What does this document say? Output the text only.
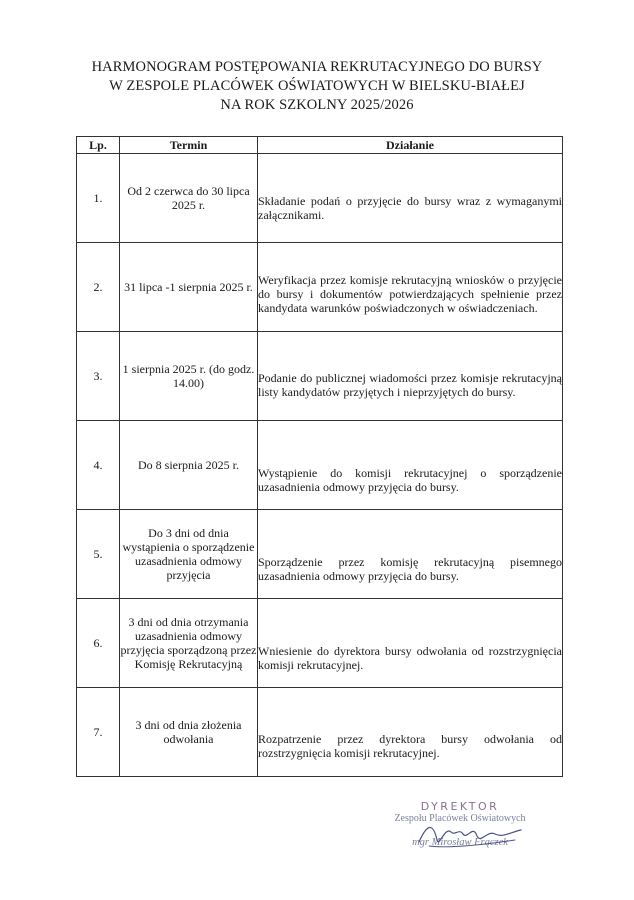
HARMONOGRAM POSTĘPOWANIA REKRUTACYJNEGO DO BURSY
W ZESPOLE PLACÓWEK OŚWIATOWYCH W BIELSKU-BIAŁEJ
NA ROK SZKOLNY 2025/2026
Lp.	Termin	Działanie
1.	Od 2 czerwca do 30 lipca 2025 r.	Składanie podań o przyjęcie do bursy wraz z wymaganymi załącznikami.

2.	31 lipca -1 sierpnia 2025 r.	Weryfikacja przez komisje rekrutacyjną wniosków o przyjęcie do bursy i dokumentów potwierdzających spełnienie przez kandydata warunków poświadczonych w oświadczeniach.

3.	1 sierpnia 2025 r. (do godz. 14.00)	Podanie do publicznej wiadomości przez komisje rekrutacyjną listy kandydatów przyjętych i nieprzyjętych do bursy.

4.	Do 8 sierpnia 2025 r.	Wystąpienie do komisji rekrutacyjnej o sporządzenie uzasadnienia odmowy przyjęcia do bursy.

5.	Do 3 dni od dnia wystąpienia o sporządzenie uzasadnienia odmowy przyjęcia	Sporządzenie przez komisję rekrutacyjną pisemnego uzasadnienia odmowy przyjęcia do bursy.

6.	3 dni od dnia otrzymania uzasadnienia odmowy przyjęcia sporządzoną przez Komisję Rekrutacyjną	Wniesienie do dyrektora bursy odwołania od rozstrzygnięcia komisji rekrutacyjnej.

7.	3 dni od dnia złożenia odwołania	Rozpatrzenie przez dyrektora bursy odwołania od rozstrzygnięcia komisji rekrutacyjnej.
DYREKTOR
Zespołu Placówek Oświatowych
mgr Mirosław Frączek
